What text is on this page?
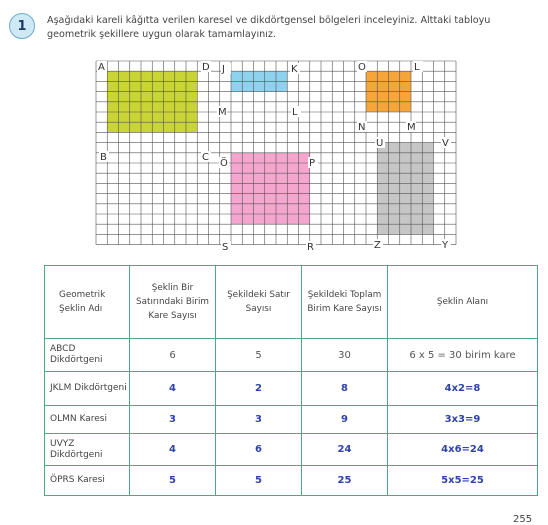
1	Aşağıdaki kareli kâğıtta verilen karesel ve dikdörtgensel bölgeleri inceleyiniz. Alttaki tabloyu geometrik şekillere uygun olarak tamamlayınız.
A	D
B	C
J	K
M	L
O	L
N	M
U	V
Z	Y
Ö	P
S	R
Geometrik Şeklin Adı	Şeklin Bir Satırındaki Birim Kare Sayısı	Şekildeki Satır Sayısı	Şekildeki Toplam Birim Kare Sayısı	Şeklin Alanı
ABCD Dikdörtgeni	6	5	30	6 x 5 = 30 birim kare
JKLM Dikdörtgeni	4	2	8	4x2=8
OLMN Karesi	3	3	9	3x3=9
UVYZ Dikdörtgeni	4	6	24	4x6=24
ÖPRS Karesi	5	5	25	5x5=25
255
